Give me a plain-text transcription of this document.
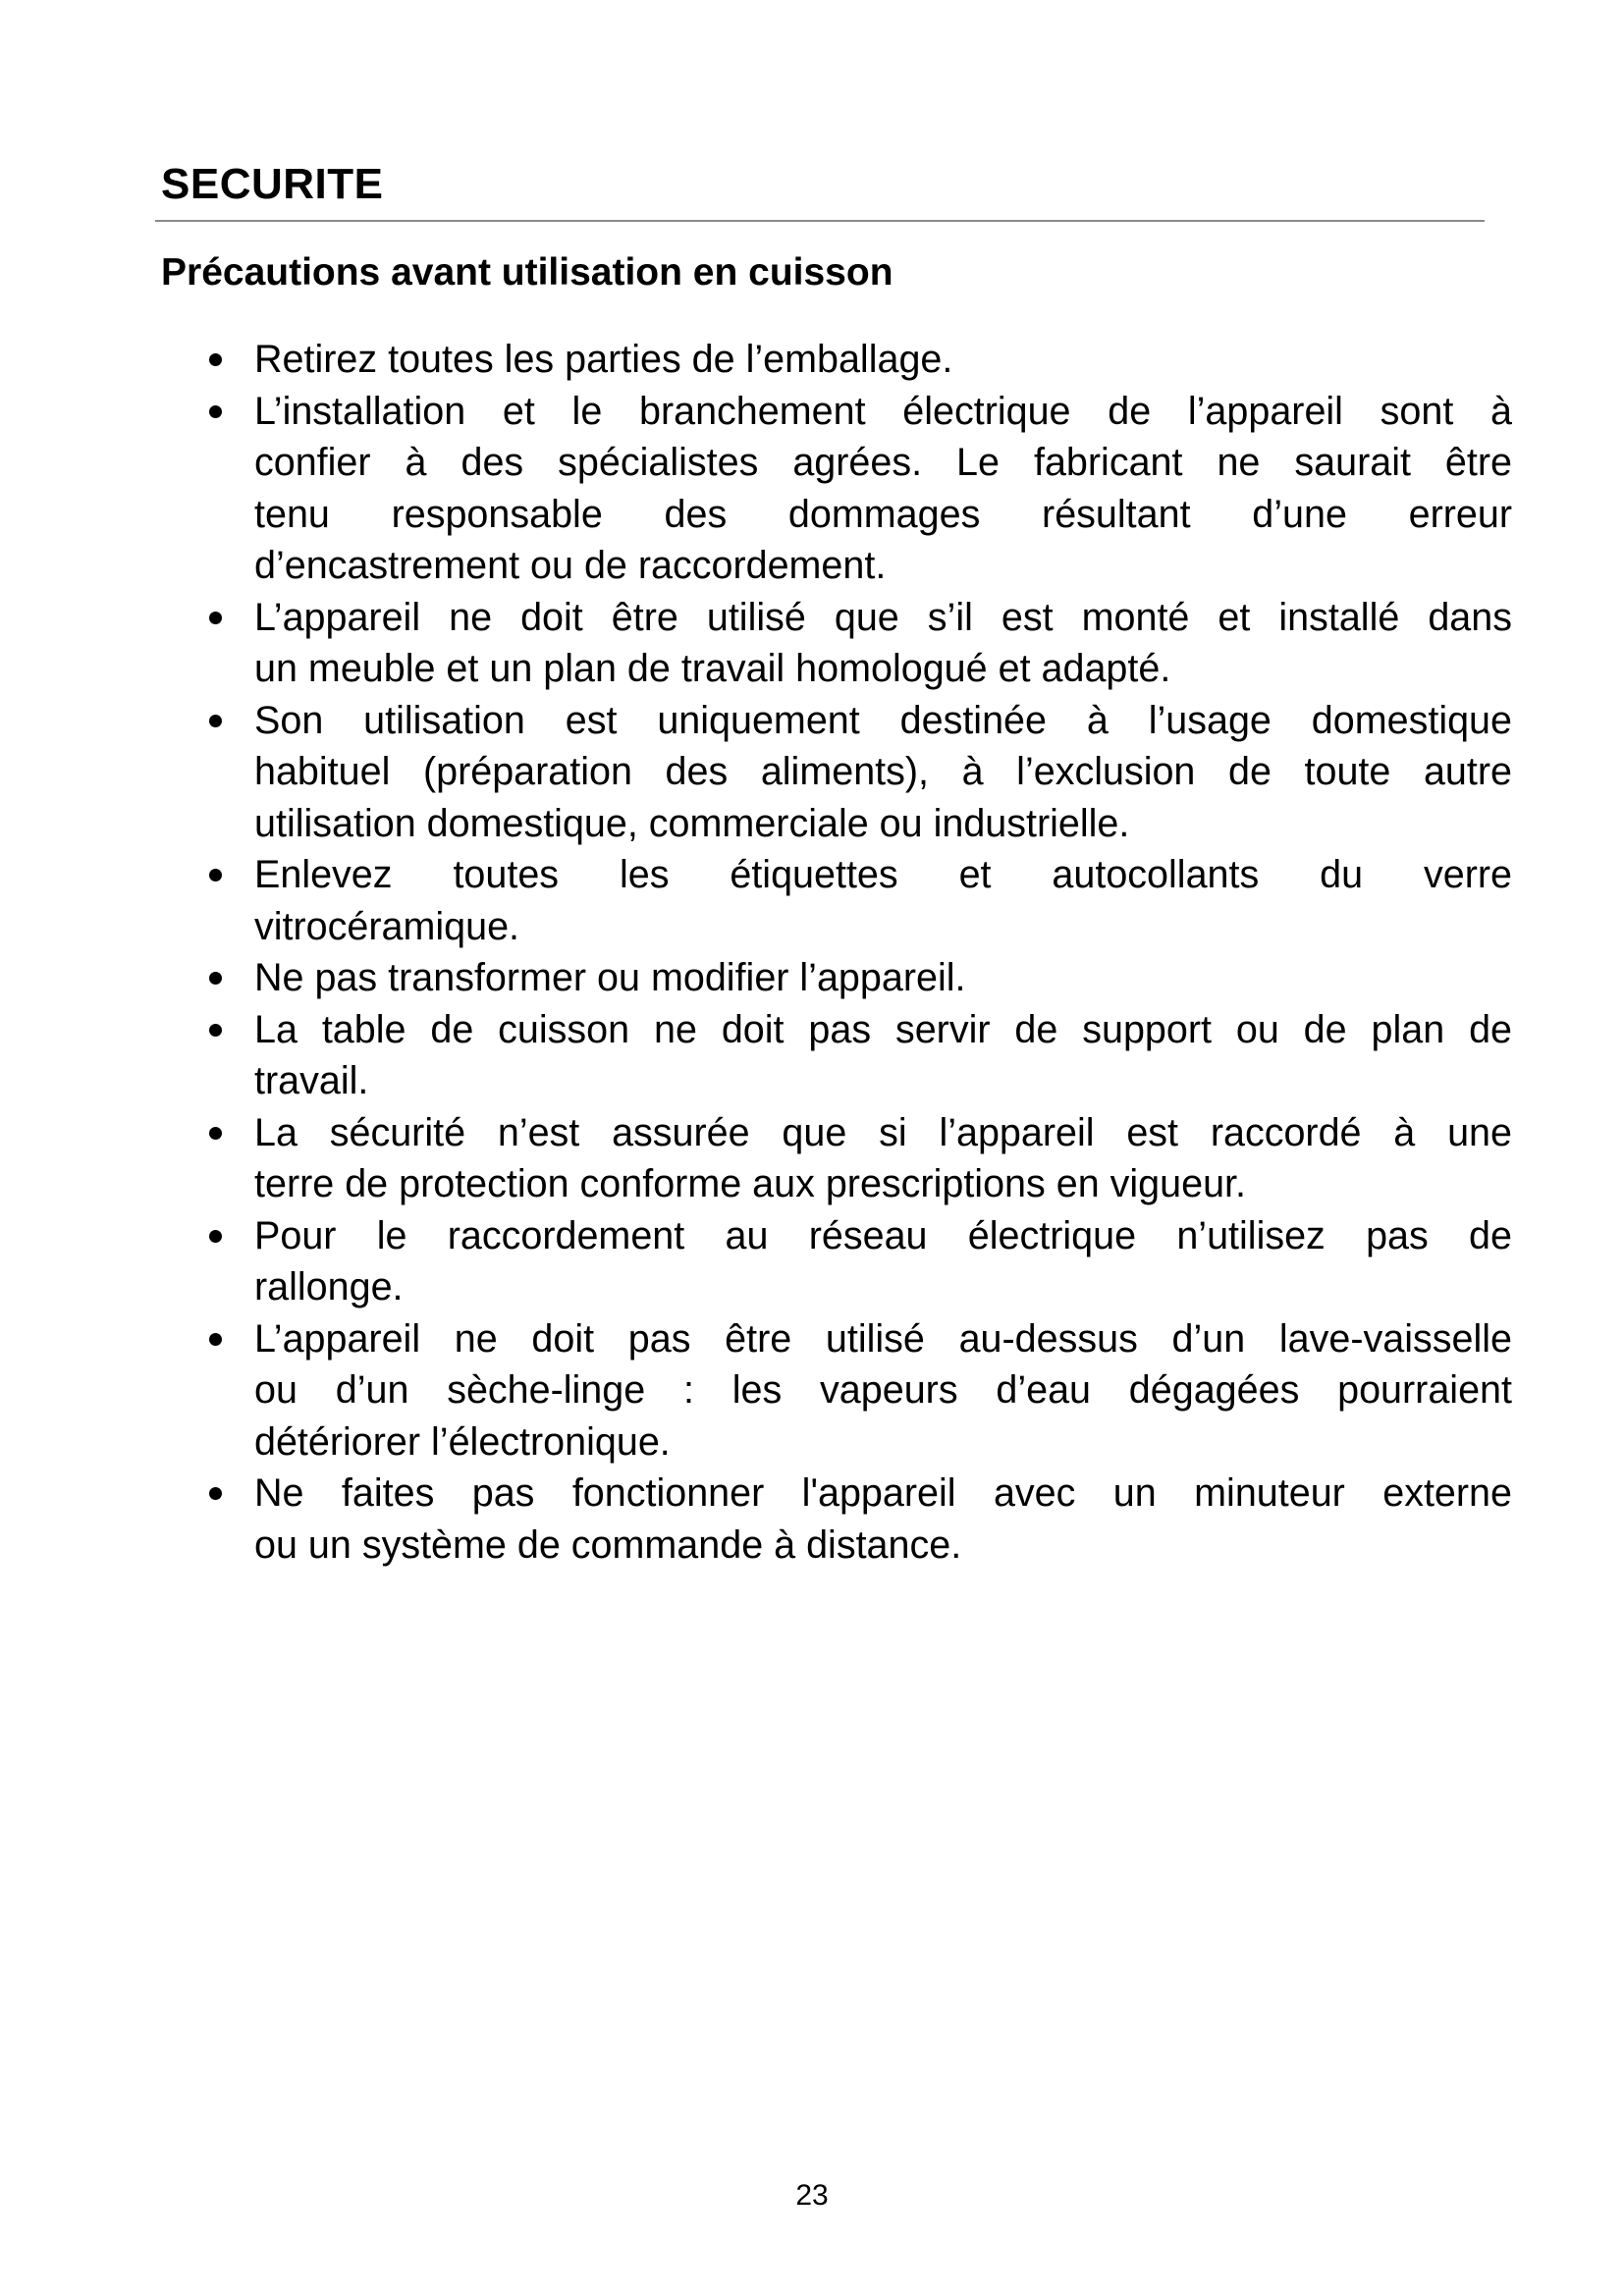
SECURITE
Précautions avant utilisation en cuisson
Retirez toutes les parties de l’emballage.
L’installation et le branchement électrique de l’appareil sont à
confier à des spécialistes agrées. Le fabricant ne saurait être
tenu responsable des dommages résultant d’une erreur
d’encastrement ou de raccordement.
L’appareil ne doit être utilisé que s’il est monté et installé dans
un meuble et un plan de travail homologué et adapté.
Son utilisation est uniquement destinée à l’usage domestique
habituel (préparation des aliments), à l’exclusion de toute autre
utilisation domestique, commerciale ou industrielle.
Enlevez toutes les étiquettes et autocollants du verre
vitrocéramique.
Ne pas transformer ou modifier l’appareil.
La table de cuisson ne doit pas servir de support ou de plan de
travail.
La sécurité n’est assurée que si l’appareil est raccordé à une
terre de protection conforme aux prescriptions en vigueur.
Pour le raccordement au réseau électrique n’utilisez pas de
rallonge.
L’appareil ne doit pas être utilisé au-dessus d’un lave-vaisselle
ou d’un sèche-linge : les vapeurs d’eau dégagées pourraient
détériorer l’électronique.
Ne faites pas fonctionner l'appareil avec un minuteur externe
ou un système de commande à distance.
23
